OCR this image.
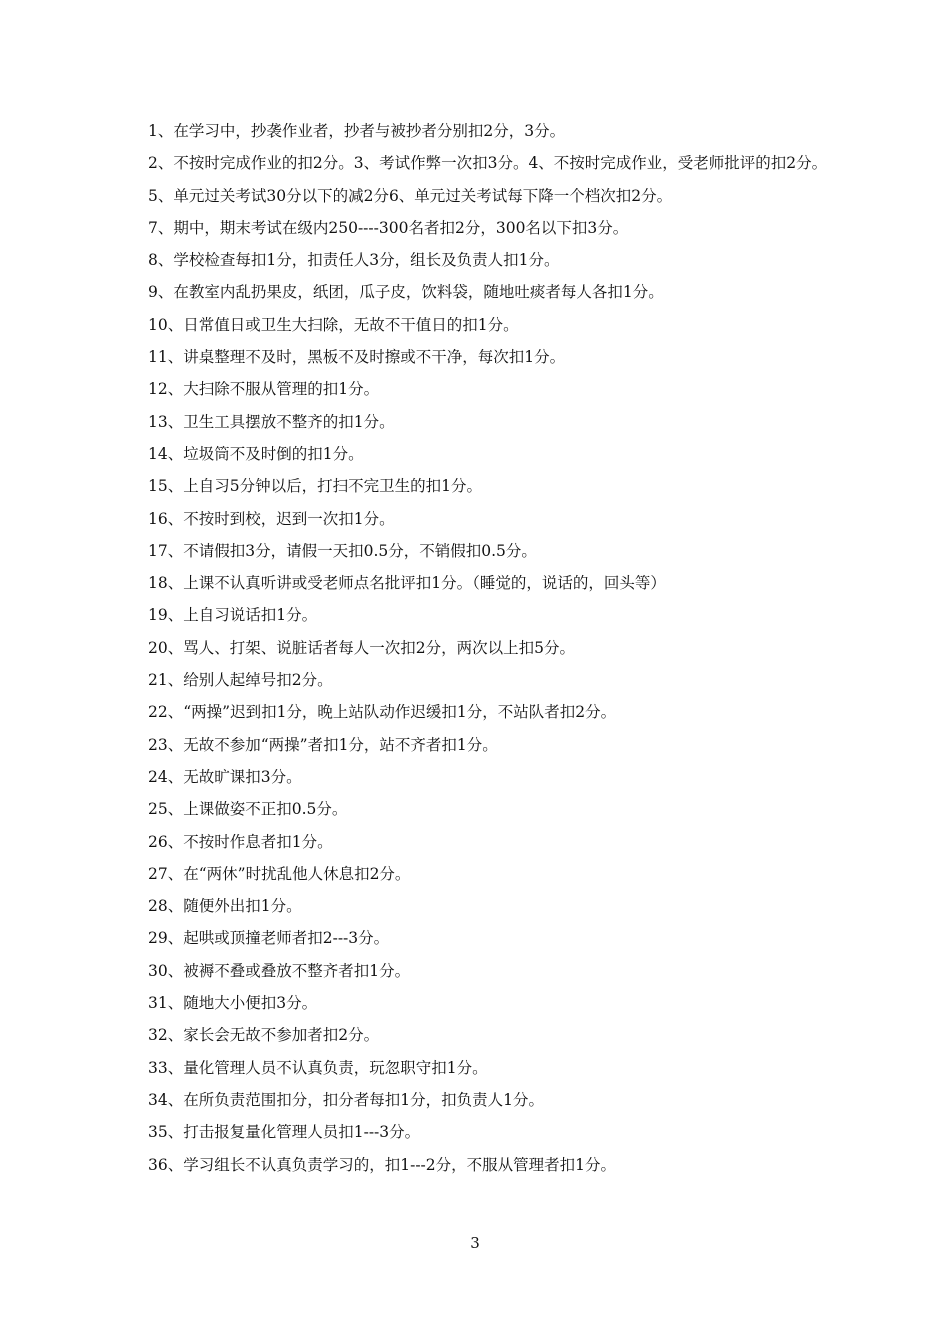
1、在学习中，抄袭作业者，抄者与被抄者分别扣2分，3分。

2、不按时完成作业的扣2分。3、考试作弊一次扣3分。4、不按时完成作业，受老师批评的扣2分。

5、单元过关考试30分以下的减2分6、单元过关考试每下降一个档次扣2分。

7、期中，期末考试在级内250----300名者扣2分，300名以下扣3分。

8、学校检查每扣1分，扣责任人3分，组长及负责人扣1分。

9、在教室内乱扔果皮，纸团，瓜子皮，饮料袋，随地吐痰者每人各扣1分。

10、日常值日或卫生大扫除，无故不干值日的扣1分。

11、讲桌整理不及时，黑板不及时擦或不干净，每次扣1分。

12、大扫除不服从管理的扣1分。

13、卫生工具摆放不整齐的扣1分。

14、垃圾筒不及时倒的扣1分。

15、上自习5分钟以后，打扫不完卫生的扣1分。

16、不按时到校，迟到一次扣1分。

17、不请假扣3分，请假一天扣0.5分，不销假扣0.5分。

18、上课不认真听讲或受老师点名批评扣1分。（睡觉的，说话的，回头等）

19、上自习说话扣1分。

20、骂人、打架、说脏话者每人一次扣2分，两次以上扣5分。

21、给别人起绰号扣2分。

22、“两操”迟到扣1分，晚上站队动作迟缓扣1分，不站队者扣2分。

23、无故不参加“两操”者扣1分，站不齐者扣1分。

24、无故旷课扣3分。

25、上课做姿不正扣0.5分。

26、不按时作息者扣1分。

27、在“两休”时扰乱他人休息扣2分。

28、随便外出扣1分。

29、起哄或顶撞老师者扣2---3分。

30、被褥不叠或叠放不整齐者扣1分。

31、随地大小便扣3分。

32、家长会无故不参加者扣2分。

33、量化管理人员不认真负责，玩忽职守扣1分。

34、在所负责范围扣分，扣分者每扣1分，扣负责人1分。

35、打击报复量化管理人员扣1---3分。

36、学习组长不认真负责学习的，扣1---2分，不服从管理者扣1分。

3
